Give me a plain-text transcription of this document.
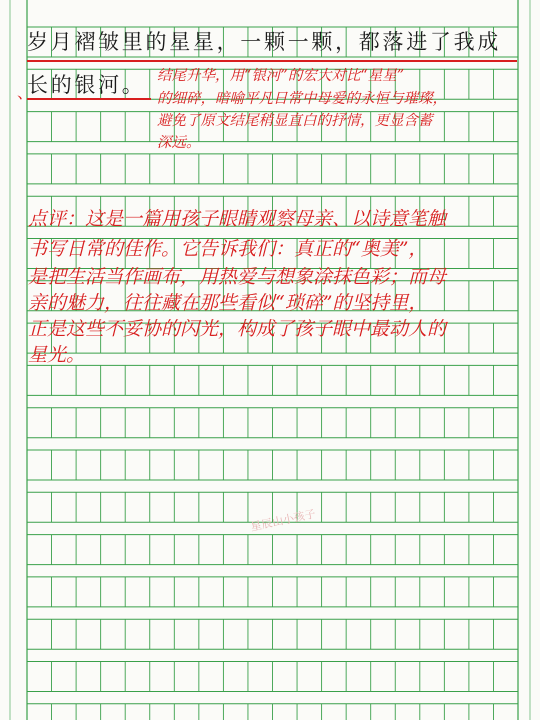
岁月褶皱里的星星，一颗一颗，都落进了我成
长的银河。
、
结尾升华，用“银河”的宏大对比“星星”
的细碎，暗喻平凡日常中母爱的永恒与璀璨，
避免了原文结尾稍显直白的抒情，更显含蓄
深远。
点评：这是一篇用孩子眼睛观察母亲、以诗意笔触
书写日常的佳作。它告诉我们：真正的“奥美”，
是把生活当作画布，用热爱与想象涂抹色彩；而母
亲的魅力，往往藏在那些看似“琐碎”的坚持里，
正是这些不妥协的闪光，构成了孩子眼中最动人的
星光。
星辰山小孩子
